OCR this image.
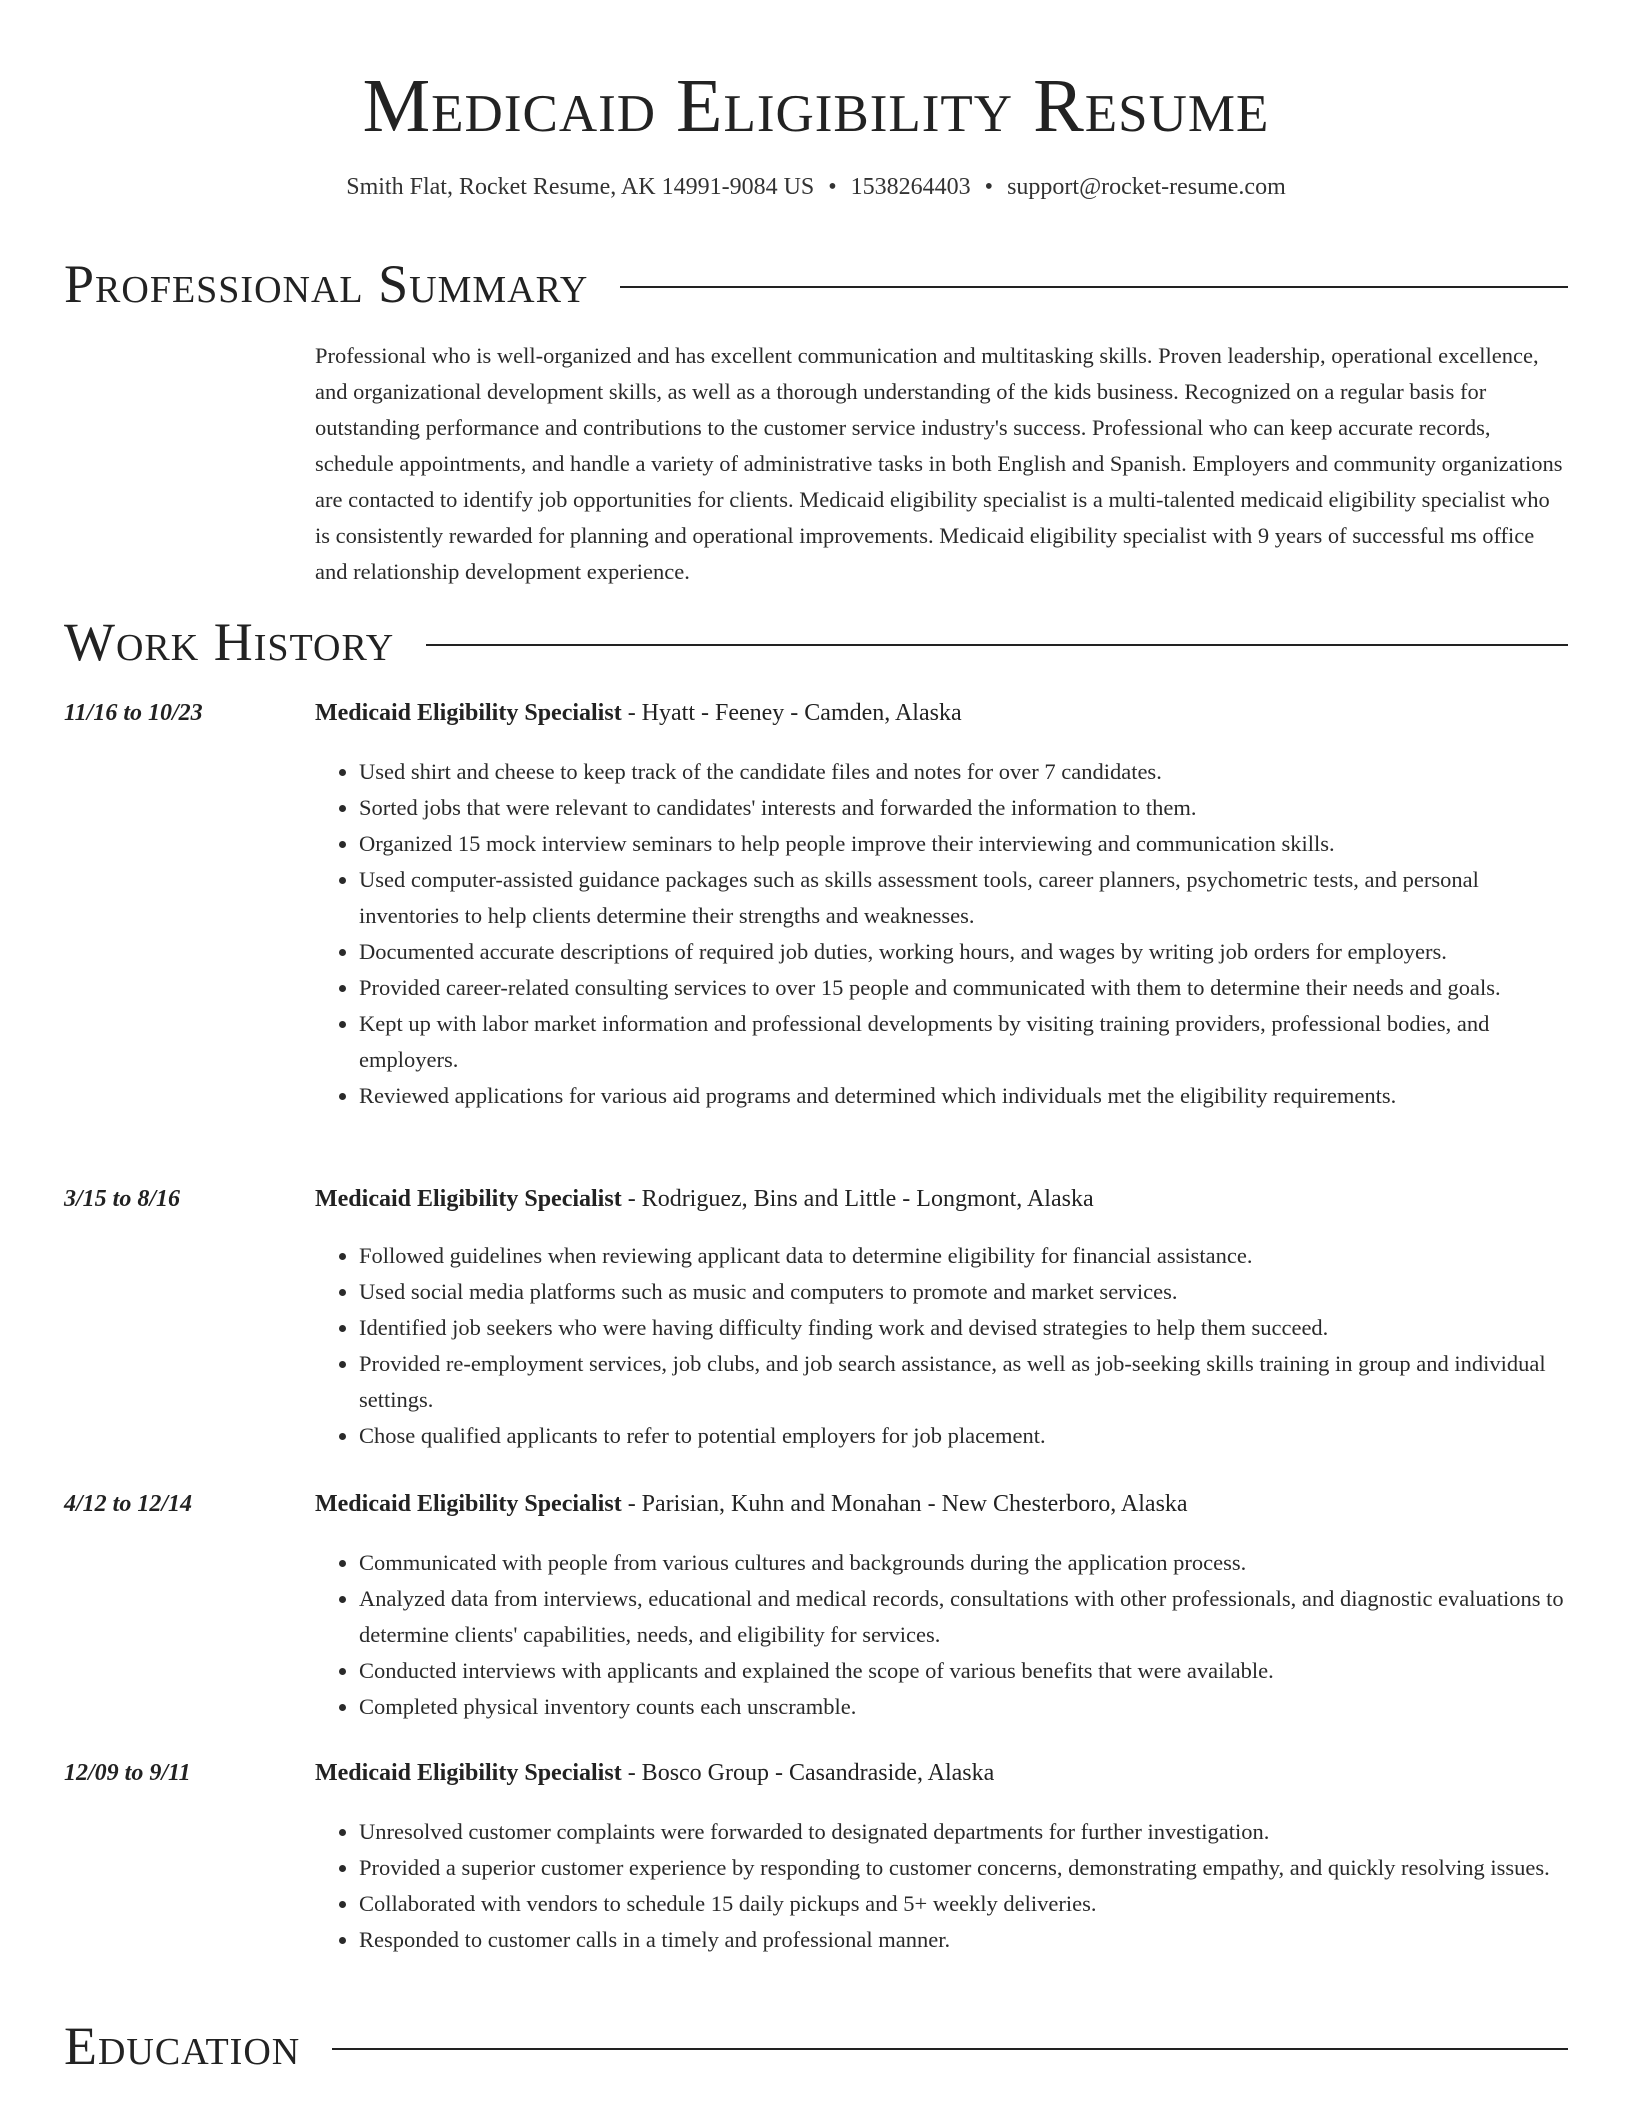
Medicaid Eligibility Resume
Smith Flat, Rocket Resume, AK 14991-9084 US • 1538264403 • support@rocket-resume.com
Professional Summary

Professional who is well-organized and has excellent communication and multitasking skills. Proven leadership, operational excellence, and organizational development skills, as well as a thorough understanding of the kids business. Recognized on a regular basis for outstanding performance and contributions to the customer service industry's success. Professional who can keep accurate records, schedule appointments, and handle a variety of administrative tasks in both English and Spanish. Employers and community organizations are contacted to identify job opportunities for clients. Medicaid eligibility specialist is a multi-talented medicaid eligibility specialist who is consistently rewarded for planning and operational improvements. Medicaid eligibility specialist with 9 years of successful ms office and relationship development experience.

Work History
11/16 to 10/23	Medicaid Eligibility Specialist - Hyatt - Feeney - Camden, Alaska
• Used shirt and cheese to keep track of the candidate files and notes for over 7 candidates.
• Sorted jobs that were relevant to candidates' interests and forwarded the information to them.
• Organized 15 mock interview seminars to help people improve their interviewing and communication skills.
• Used computer-assisted guidance packages such as skills assessment tools, career planners, psychometric tests, and personal inventories to help clients determine their strengths and weaknesses.
• Documented accurate descriptions of required job duties, working hours, and wages by writing job orders for employers.
• Provided career-related consulting services to over 15 people and communicated with them to determine their needs and goals.
• Kept up with labor market information and professional developments by visiting training providers, professional bodies, and employers.
• Reviewed applications for various aid programs and determined which individuals met the eligibility requirements.
3/15 to 8/16	Medicaid Eligibility Specialist - Rodriguez, Bins and Little - Longmont, Alaska
• Followed guidelines when reviewing applicant data to determine eligibility for financial assistance.
• Used social media platforms such as music and computers to promote and market services.
• Identified job seekers who were having difficulty finding work and devised strategies to help them succeed.
• Provided re-employment services, job clubs, and job search assistance, as well as job-seeking skills training in group and individual settings.
• Chose qualified applicants to refer to potential employers for job placement.
4/12 to 12/14	Medicaid Eligibility Specialist - Parisian, Kuhn and Monahan - New Chesterboro, Alaska
• Communicated with people from various cultures and backgrounds during the application process.
• Analyzed data from interviews, educational and medical records, consultations with other professionals, and diagnostic evaluations to determine clients' capabilities, needs, and eligibility for services.
• Conducted interviews with applicants and explained the scope of various benefits that were available.
• Completed physical inventory counts each unscramble.
12/09 to 9/11	Medicaid Eligibility Specialist - Bosco Group - Casandraside, Alaska
• Unresolved customer complaints were forwarded to designated departments for further investigation.
• Provided a superior customer experience by responding to customer concerns, demonstrating empathy, and quickly resolving issues.
• Collaborated with vendors to schedule 15 daily pickups and 5+ weekly deliveries.
• Responded to customer calls in a timely and professional manner.
Education
